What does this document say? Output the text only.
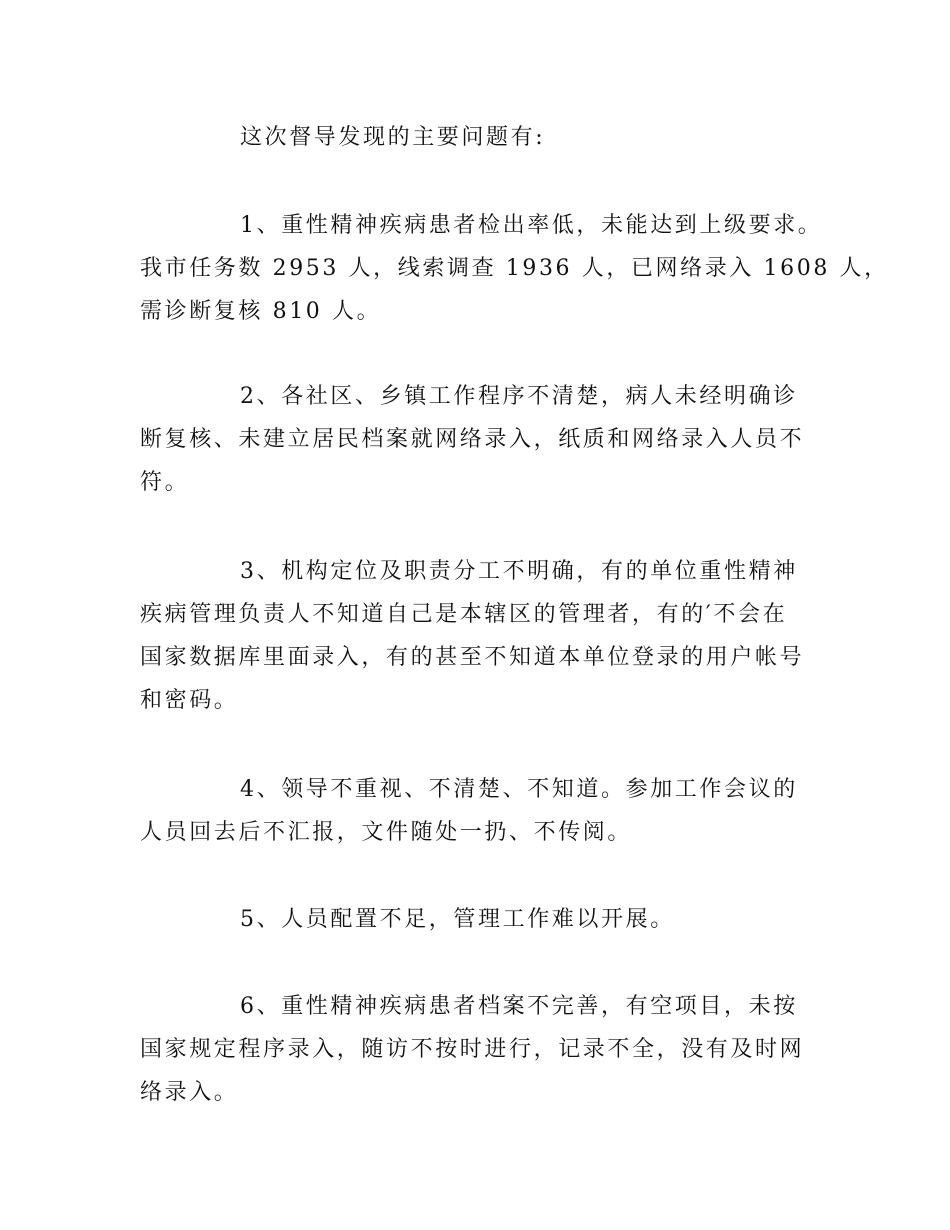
这次督导发现的主要问题有:

1、重性精神疾病患者检出率低，未能达到上级要求。
我市任务数 2953 人，线索调查 1936 人，已网络录入 1608 人，
需诊断复核 810 人。

2、各社区、乡镇工作程序不清楚，病人未经明确诊
断复核、未建立居民档案就网络录入，纸质和网络录入人员不
符。

3、机构定位及职责分工不明确，有的单位重性精神
疾病管理负责人不知道自己是本辖区的管理者，有的′不会在
国家数据库里面录入，有的甚至不知道本单位登录的用户帐号
和密码。

4、领导不重视、不清楚、不知道。参加工作会议的
人员回去后不汇报，文件随处一扔、不传阅。

5、人员配置不足，管理工作难以开展。

6、重性精神疾病患者档案不完善，有空项目，未按
国家规定程序录入，随访不按时进行，记录不全，没有及时网
络录入。
